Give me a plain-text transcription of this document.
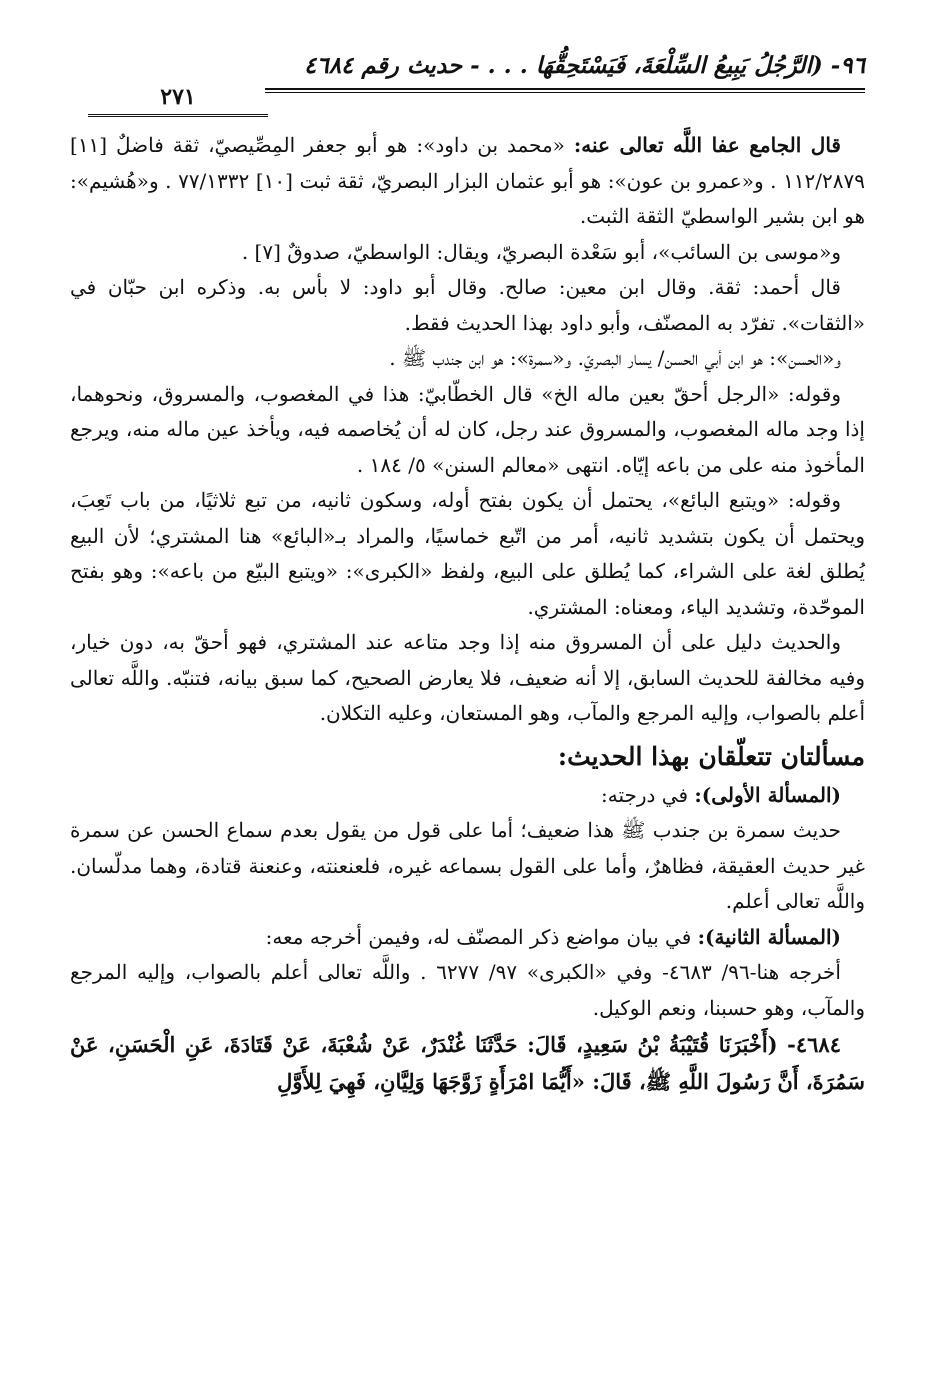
٩٦- (الرَّجُلُ يَبِيعُ السِّلْعَةَ، فَيَسْتَحِقُّهَا . . . - حديث رقم ٤٦٨٤
٢٧١

قال الجامع عفا اللَّه تعالى عنه: «محمد بن داود»: هو أبو جعفر المِصِّيصيّ، ثقة فاضلٌ [١١] ١١٢/٢٨٧٩ . و«عمرو بن عون»: هو أبو عثمان البزار البصريّ، ثقة ثبت [١٠] ٧٧/١٣٣٢ . و«هُشيم»: هو ابن بشير الواسطيّ الثقة الثبت.

و«موسى بن السائب»، أبو سَعْدة البصريّ، ويقال: الواسطيّ، صدوقٌ [٧] .

قال أحمد: ثقة. وقال ابن معين: صالح. وقال أبو داود: لا بأس به. وذكره ابن حبّان في «الثقات». تفرّد به المصنّف، وأبو داود بهذا الحديث فقط.

و«الحسن»: هو ابن أبي الحسن/ يسار البصريّ. و«سمرة»: هو ابن جندب ﷺ .

وقوله: «الرجل أحقّ بعين ماله الخ» قال الخطّابيّ: هذا في المغصوب، والمسروق، ونحوهما، إذا وجد ماله المغصوب، والمسروق عند رجل، كان له أن يُخاصمه فيه، ويأخذ عين ماله منه، ويرجع المأخوذ منه على من باعه إيّاه. انتهى «معالم السنن» ٥/ ١٨٤ .

وقوله: «ويتبع البائع»، يحتمل أن يكون بفتح أوله، وسكون ثانيه، من تبع ثلاثيًا، من باب تَعِبَ، ويحتمل أن يكون بتشديد ثانيه، أمر من اتّبع خماسيًا، والمراد بـ«البائع» هنا المشتري؛ لأن البيع يُطلق لغة على الشراء، كما يُطلق على البيع، ولفظ «الكبرى»: «ويتبع البيّع من باعه»: وهو بفتح الموحّدة، وتشديد الياء، ومعناه: المشتري.

والحديث دليل على أن المسروق منه إذا وجد متاعه عند المشتري، فهو أحقّ به، دون خيار، وفيه مخالفة للحديث السابق، إلا أنه ضعيف، فلا يعارض الصحيح، كما سبق بيانه، فتنبّه. واللَّه تعالى أعلم بالصواب، وإليه المرجع والمآب، وهو المستعان، وعليه التكلان.

مسألتان تتعلّقان بهذا الحديث:

(المسألة الأولى): في درجته:

حديث سمرة بن جندب ﷺ هذا ضعيف؛ أما على قول من يقول بعدم سماع الحسن عن سمرة غير حديث العقيقة، فظاهرٌ، وأما على القول بسماعه غيره، فلعنعنته، وعنعنة قتادة، وهما مدلّسان. واللَّه تعالى أعلم.

(المسألة الثانية): في بيان مواضع ذكر المصنّف له، وفيمن أخرجه معه:

أخرجه هنا-٩٦/ ٤٦٨٣- وفي «الكبرى» ٩٧/ ٦٢٧٧ . واللَّه تعالى أعلم بالصواب، وإليه المرجع والمآب، وهو حسبنا، ونعم الوكيل.

٤٦٨٤- (أَخْبَرَنَا قُتَيْبَةُ بْنُ سَعِيدٍ، قَالَ: حَدَّثَنَا غُنْدَرٌ، عَنْ شُعْبَةَ، عَنْ قَتَادَةَ، عَنِ الْحَسَنِ، عَنْ سَمُرَةَ، أَنَّ رَسُولَ اللَّهِ ﷺ، قَالَ: «أَيُّمَا امْرَأَةٍ زَوَّجَهَا وَلِيَّانِ، فَهِيَ لِلأَوَّلِ
